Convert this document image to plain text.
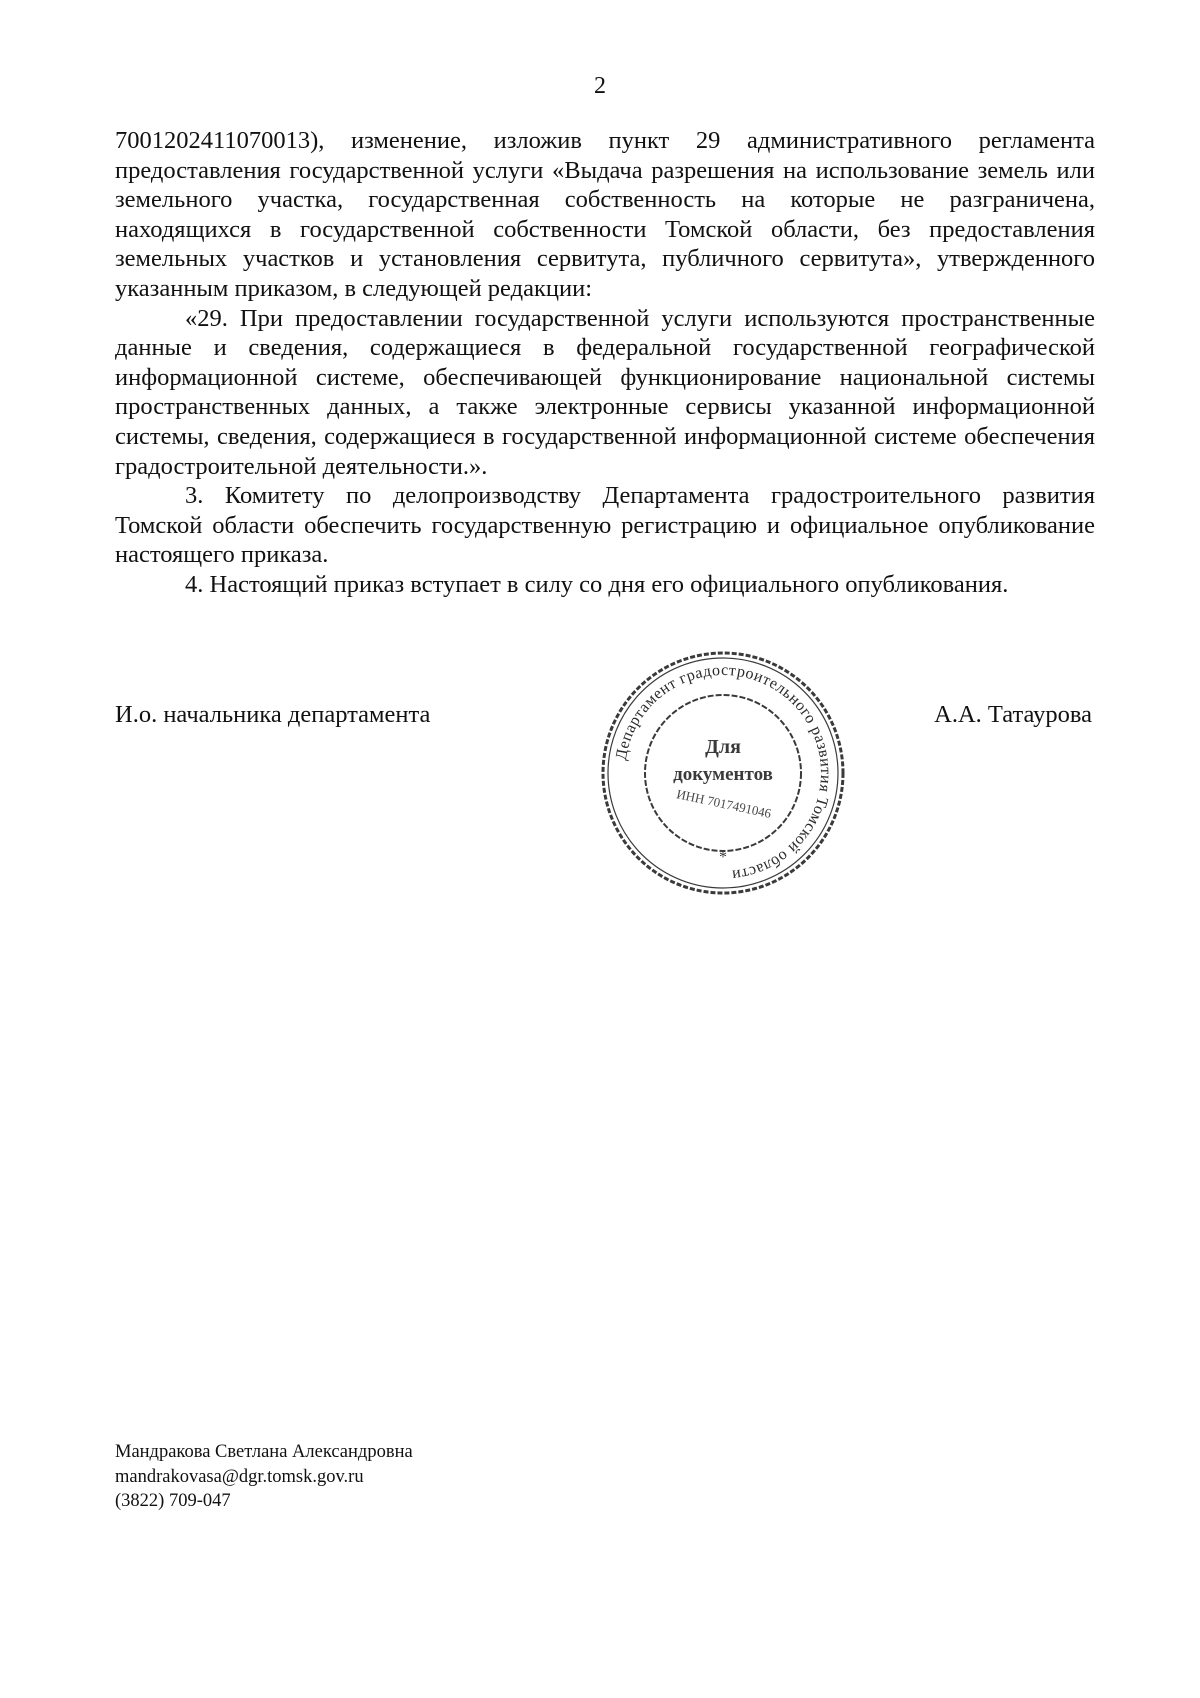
2

7001202411070013), изменение, изложив пункт 29 административного регламента предоставления государственной услуги «Выдача разрешения на использование земель или земельного участка, государственная собственность на которые не разграничена, находящихся в государственной собственности Томской области, без предоставления земельных участков и установления сервитута, публичного сервитута», утвержденного указанным приказом, в следующей редакции:

«29. При предоставлении государственной услуги используются пространственные данные и сведения, содержащиеся в федеральной государственной географической информационной системе, обеспечивающей функционирование национальной системы пространственных данных, а также электронные сервисы указанной информационной системы, сведения, содержащиеся в государственной информационной системе обеспечения градостроительной деятельности.».

3. Комитету по делопроизводству Департамента градостроительного развития Томской области обеспечить государственную регистрацию и официальное опубликование настоящего приказа.

4. Настоящий приказ вступает в силу со дня его официального опубликования.

И.о. начальника департамента	А.А. Татаурова
Департамент градостроительного развития Томской области
Для
документов
ИНН 7017491046
*
Мандракова Светлана Александровна
mandrakovasa@dgr.tomsk.gov.ru
(3822) 709-047
